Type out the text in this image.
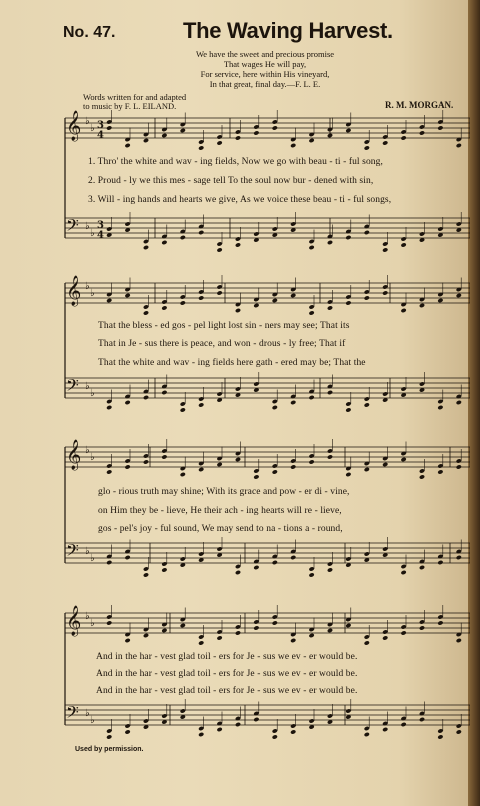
No. 47.	The Waving Harvest.
We have the sweet and precious promise
That wages He will pay,
For service, here within His vineyard,
In that great, final day.—F. L. E.
Words written for and adapted
to music by F. L. EILAND.	R. M. MORGAN.
𝄞
𝄢
♭
♭
♭
♭
𝄞
𝄢
♭
♭
♭
♭
𝄞
𝄢
♭
♭
♭
♭
𝄞
𝄢
♭
♭
♭
♭
3
4
3
4
1. Thro' the white and wav - ing fields, Now we go with beau - ti - ful song,
2. Proud - ly we this mes - sage tell To the soul now bur - dened with sin,
3. Will - ing hands and hearts we give, As we voice these beau - ti - ful songs,
That the bless - ed gos - pel light lost sin - ners may see; That its
That in Je - sus there is peace, and won - drous - ly free; That if
That the white and wav - ing fields here gath - ered may be; That the
glo - rious truth may shine; With its grace and pow - er di - vine,
on Him they be - lieve, He their ach - ing hearts will re - lieve,
gos - pel's joy - ful sound, We may send to na - tions a - round,
And in the har - vest glad toil - ers for Je - sus we ev - er would be.
And in the har - vest glad toil - ers for Je - sus we ev - er would be.
And in the har - vest glad toil - ers for Je - sus we ev - er would be.
Used by permission.
